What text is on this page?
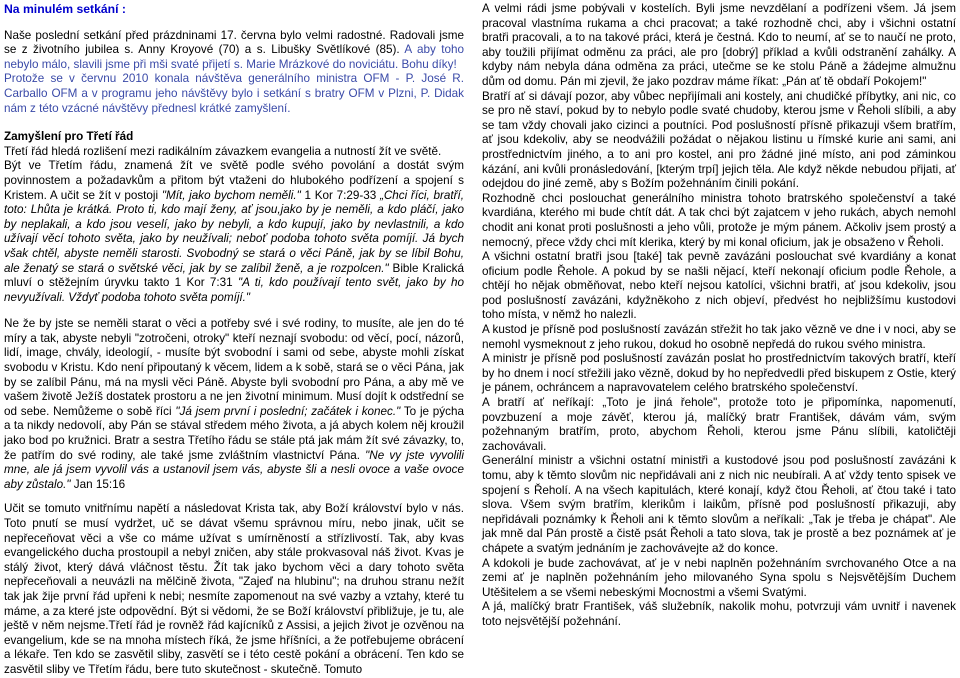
Na minulém setkání :

Naše poslední setkání před prázdninami 17. června bylo velmi radostné. Radovali jsme se z životního jubilea s. Anny Kroyové (70) a s. Libušky Světlíkové (85). A aby toho nebylo málo, slavili jsme při mši svaté přijetí s. Marie Mrázkové do noviciátu. Bohu díky!

Protože se v červnu 2010 konala návštěva generálního ministra OFM - P. José R. Carballo OFM a v programu jeho návštěvy bylo i setkání s bratry OFM v Plzni, P. Didak nám z této vzácné návštěvy přednesl krátké zamyšlení.

Zamyšlení pro Třetí řád

Třetí řád hledá rozlišení mezi radikálním závazkem evangelia a nutností žít ve světě.

Být ve Třetím řádu, znamená žít ve světě podle svého povolání a dostát svým povinnostem a požadavkům a přitom být vtaženi do hlubokého podřízení a spojení s Kristem. A učit se žít v postoji "Mít, jako bychom neměli." 1 Kor 7:29-33 „Chci říci, bratří, toto: Lhůta je krátká. Proto ti, kdo mají ženy, ať jsou,jako by je neměli, a kdo pláčí, jako by neplakali, a kdo jsou veselí, jako by nebyli, a kdo kupují, jako by nevlastnili, a kdo užívají věcí tohoto světa, jako by neužívali; neboť podoba tohoto světa pomíjí. Já bych však chtěl, abyste neměli starosti. Svobodný se stará o věci Páně, jak by se líbil Bohu, ale ženatý se stará o světské věci, jak by se zalíbil ženě, a je rozpolcen." Bible Kralická mluví o stěžejním úryvku takto 1 Kor 7:31 "A ti, kdo používají tento svět, jako by ho nevyužívali. Vždyť podoba tohoto světa pomíjí."

Ne že by jste se neměli starat o věci a potřeby své i své rodiny, to musíte, ale jen do té míry a tak, abyste nebyli "zotročeni, otroky" kteří neznají svobodu: od věcí, pocí, názorů, lidí, image, chvály, ideologií, - musíte být svobodní i sami od sebe, abyste mohli získat svobodu v Kristu. Kdo není připoutaný k věcem, lidem a k sobě, stará se o věci Pána, jak by se zalíbil Pánu, má na mysli věci Páně. Abyste byli svobodní pro Pána, a aby mě ve vašem životě Ježíš dostatek prostoru a ne jen životní minimum. Musí dojít k odstřední se od sebe. Nemůžeme o sobě říci "Já jsem první i poslední; začátek i konec." To je pýcha a ta nikdy nedovolí, aby Pán se stával středem mého života, a já abych kolem něj kroužil jako bod po kružnici. Bratr a sestra Třetího řádu se stále ptá jak mám žít své závazky, to, že patřím do své rodiny, ale také jsme zvláštním vlastnictví Pána. "Ne vy jste vyvolili mne, ale já jsem vyvolil vás a ustanovil jsem vás, abyste šli a nesli ovoce a vaše ovoce aby zůstalo." Jan 15:16

Učit se tomuto vnitřnímu napětí a následovat Krista tak, aby Boží království bylo v nás. Toto pnutí se musí vydržet, uč se dávat všemu správnou míru, nebo jinak, učit se nepřeceňovat věci a vše co máme užívat s umírněností a střízlivostí. Tak, aby kvas evangelického ducha prostoupil a nebyl zničen, aby stále prokvasoval náš život. Kvas je stálý život, který dává vláčnost těstu. Žít tak jako bychom věci a dary tohoto světa nepřeceňovali a neuvázli na mělčině života, "Zajeď na hlubinu"; na druhou stranu nežít tak jak žije první řád upřeni k nebi; nesmíte zapomenout na své vazby a vztahy, které tu máme, a za které jste odpovědní. Být si vědomi, že se Boží království přibližuje, je tu, ale ještě v něm nejsme.Třetí řád je rovněž řád kajícníků z Assisi, a jejich život je ozvěnou na evangelium, kde se na mnoha místech říká, že jsme hříšníci, a že potřebujeme obrácení a lékaře. Ten kdo se zasvětil sliby, zasvětí se i této cestě pokání a obrácení. Ten kdo se zasvětil sliby ve Třetím řádu, bere tuto skutečnost - skutečně. Tomuto

A velmi rádi jsme pobývali v kostelích. Byli jsme nevzdělaní a podřízeni všem. Já jsem pracoval vlastníma rukama a chci pracovat; a také rozhodně chci, aby i všichni ostatní bratři pracovali, a to na takové práci, která je čestná. Kdo to neumí, ať se to naučí ne proto, aby toužili přijímat odměnu za práci, ale pro [dobrý] příklad a kvůli odstranění zahálky. A kdyby nám nebyla dána odměna za práci, utečme se ke stolu Páně a žádejme almužnu dům od domu. Pán mi zjevil, že jako pozdrav máme říkat: „Pán ať tě obdaří Pokojem!"

Bratří ať si dávají pozor, aby vůbec nepřijímali ani kostely, ani chudičké příbytky, ani nic, co se pro ně staví, pokud by to nebylo podle svaté chudoby, kterou jsme v Řeholi slíbili, a aby se tam vždy chovali jako cizinci a poutníci. Pod poslušností přísně přikazuji všem bratřím, ať jsou kdekoliv, aby se neodvážili požádat o nějakou listinu u římské kurie ani sami, ani prostřednictvím jiného, a to ani pro kostel, ani pro žádné jiné místo, ani pod záminkou kázání, ani kvůli pronásledování, [kterým trpí] jejich těla. Ale když někde nebudou přijati, ať odejdou do jiné země, aby s Božím požehnáním činili pokání.

Rozhodně chci poslouchat generálního ministra tohoto bratrského společenství a také kvardiána, kterého mi bude chtít dát. A tak chci být zajatcem v jeho rukách, abych nemohl chodit ani konat proti poslušnosti a jeho vůli, protože je mým pánem. Ačkoliv jsem prostý a nemocný, přece vždy chci mít klerika, který by mi konal oficium, jak je obsaženo v Řeholi.

A všichni ostatní bratři jsou [také] tak pevně zavázáni poslouchat své kvardiány a konat oficium podle Řehole. A pokud by se našli nějací, kteří nekonají oficium podle Řehole, a chtějí ho nějak obměňovat, nebo kteří nejsou katolíci, všichni bratři, ať jsou kdekoliv, jsou pod poslušností zavázáni, kdyžněkoho z nich objeví, předvést ho nejbližšímu kustodovi toho místa, v němž ho nalezli.

A kustod je přísně pod poslušností zavázán střežit ho tak jako vězně ve dne i v noci, aby se nemohl vysmeknout z jeho rukou, dokud ho osobně nepředá do rukou svého ministra.

A ministr je přísně pod poslušností zavázán poslat ho prostřednictvím takových bratří, kteří by ho dnem i nocí střežili jako vězně, dokud by ho nepředvedli před biskupem z Ostie, který je pánem, ochráncem a napravovatelem celého bratrského společenství.

A bratří ať neříkají: „Toto je jiná řehole", protože toto je připomínka, napomenutí, povzbuzení a moje závěť, kterou já, malíčký bratr František, dávám vám, svým požehnaným bratřím, proto, abychom Řeholi, kterou jsme Pánu slíbili, katoličtěji zachovávali.

Generální ministr a všichni ostatní ministři a kustodové jsou pod poslušností zavázáni k tomu, aby k těmto slovům nic nepřidávali ani z nich nic neubírali. A ať vždy tento spisek ve spojení s Řeholí. A na všech kapitulách, které konají, když čtou Řeholi, ať čtou také i tato slova. Všem svým bratřím, klerikům i laikům, přísně pod poslušností přikazuji, aby nepřidávali poznámky k Řeholi ani k těmto slovům a neříkali: „Tak je třeba je chápat". Ale jak mně dal Pán prostě a čistě psát Řeholi a tato slova, tak je prostě a bez poznámek ať je chápete a svatým jednáním je zachovávejte až do konce.

A kdokoli je bude zachovávat, ať je v nebi naplněn požehnáním svrchovaného Otce a na zemi ať je naplněn požehnáním jeho milovaného Syna spolu s Nejsvětějším Duchem Utěšitelem a se všemi nebeskými Mocnostmi a všemi Svatými.

A já, malíčký bratr František, váš služebník, nakolik mohu, potvrzuji vám uvnitř i navenek toto nejsvětější požehnání.
